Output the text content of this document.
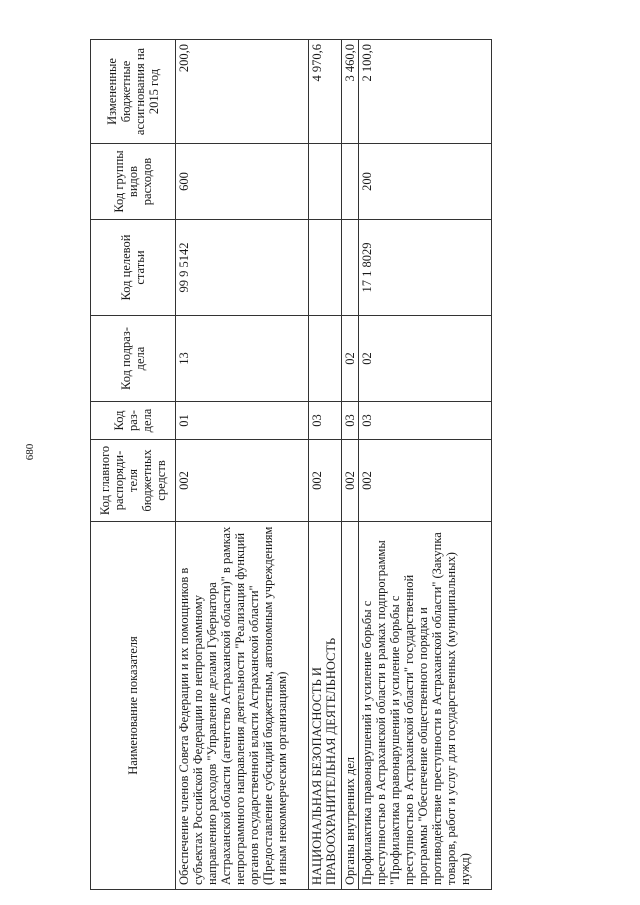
680
Наименование показателя	Код главного распоряди-теля бюджетных средств	Код раз-дела	Код подраз-дела	Код целевой статьи	Код группы видов расходов	Измененные бюджетные ассигнования на 2015 год
Обеспечение членов Совета Федерации и их помощников в субъектах Российской Федерации по непрограммному направлению расходов "Управление делами Губернатора Астраханской области (агентство Астраханской области)" в рамках непрограммного направления деятельности "Реализация функций органов государственной власти Астраханской области" (Предоставление субсидий бюджетным, автономным учреждениям и иным некоммерческим организациям)	002	01	13	99 9 5142	600	200,0
НАЦИОНАЛЬНАЯ БЕЗОПАСНОСТЬ И ПРАВООХРАНИТЕЛЬНАЯ ДЕЯТЕЛЬНОСТЬ	002	03				4 970,6
Органы внутренних дел	002	03	02			3 460,0
Профилактика правонарушений и усиление борьбы с преступностью в Астраханской области в рамках подпрограммы "Профилактика правонарушений и усиление борьбы с преступностью в Астраханской области" государственной программы "Обеспечение общественного порядка и противодействие преступности в Астраханской области" (Закупка товаров, работ и услуг для государственных (муниципальных) нужд)	002	03	02	17 1 8029	200	2 100,0
